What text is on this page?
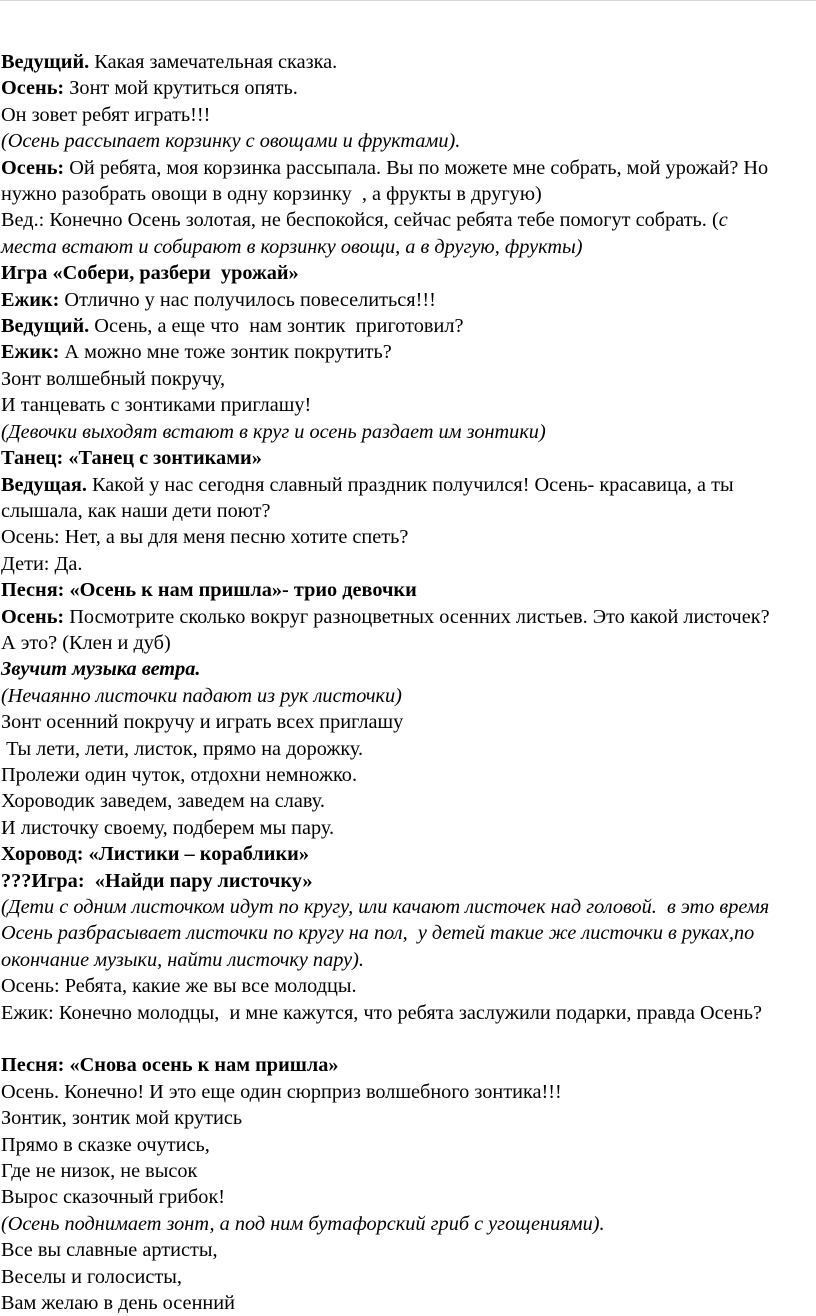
Ведущий. Какая замечательная сказка.
Осень: Зонт мой крутиться опять.
Он зовет ребят играть!!!
(Осень рассыпает корзинку с овощами и фруктами).
Осень: Ой ребята, моя корзинка рассыпала. Вы по можете мне собрать, мой урожай? Но
нужно разобрать овощи в одну корзинку  , а фрукты в другую)
Вед.: Конечно Осень золотая, не беспокойся, сейчас ребята тебе помогут собрать. (с
места встают и собирают в корзинку овощи, а в другую, фрукты)
Игра «Собери, разбери  урожай»
Ежик: Отлично у нас получилось повеселиться!!!
Ведущий. Осень, а еще что  нам зонтик  приготовил?
Ежик: А можно мне тоже зонтик покрутить?
Зонт волшебный покручу,
И танцевать с зонтиками приглашу!
(Девочки выходят встают в круг и осень раздает им зонтики)
Танец: «Танец с зонтиками»
Ведущая. Какой у нас сегодня славный праздник получился! Осень- красавица, а ты
слышала, как наши дети поют?
Осень: Нет, а вы для меня песню хотите спеть?
Дети: Да.
Песня: «Осень к нам пришла»- трио девочки
Осень: Посмотрите сколько вокруг разноцветных осенних листьев. Это какой листочек?
А это? (Клен и дуб)
Звучит музыка ветра.
(Нечаянно листочки падают из рук листочки)
Зонт осенний покручу и играть всех приглашу
Ты лети, лети, листок, прямо на дорожку.
Пролежи один чуток, отдохни немножко.
Хороводик заведем, заведем на славу.
И листочку своему, подберем мы пару.
Хоровод: «Листики – кораблики»
???Игра:  «Найди пару листочку»
(Дети с одним листочком идут по кругу, или качают листочек над головой.  в это время
Осень разбрасывает листочки по кругу на пол,  у детей такие же листочки в руках,по
окончание музыки, найти листочку пару).
Осень: Ребята, какие же вы все молодцы.
Ежик: Конечно молодцы,  и мне кажутся, что ребята заслужили подарки, правда Осень?
Песня: «Снова осень к нам пришла»
Осень. Конечно! И это еще один сюрприз волшебного зонтика!!!
Зонтик, зонтик мой крутись
Прямо в сказке очутись,
Где не низок, не высок
Вырос сказочный грибок!
(Осень поднимает зонт, а под ним бутафорский гриб с угощениями).
Все вы славные артисты,
Веселы и голосисты,
Вам желаю в день осенний
